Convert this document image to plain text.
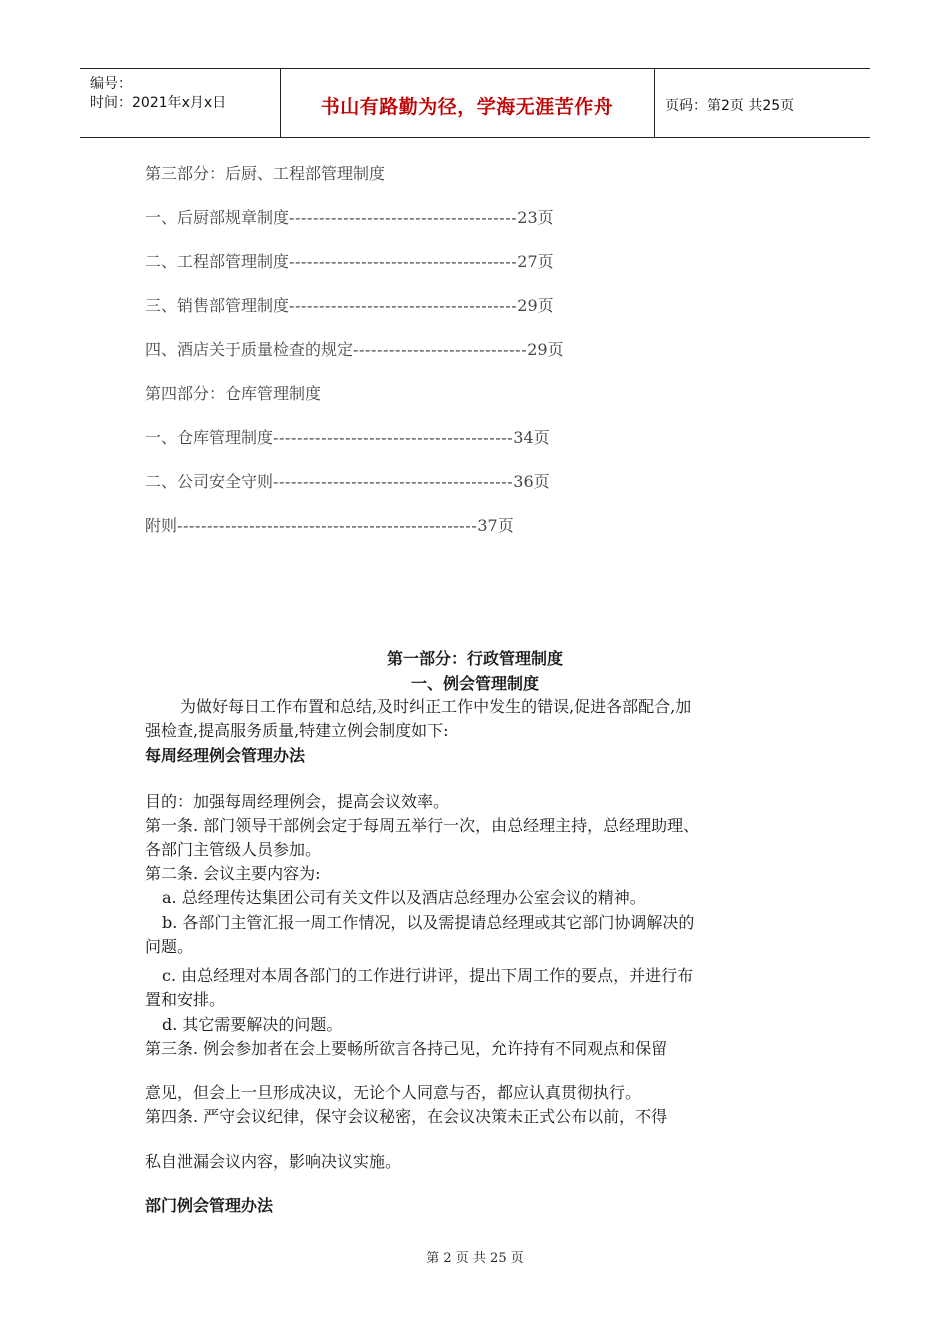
编号：
时间：2021年x月x日	书山有路勤为径，学海无涯苦作舟	页码：第2页 共25页
第三部分：后厨、工程部管理制度
一、后厨部规章制度--------------------------------------23页
二、工程部管理制度--------------------------------------27页
三、销售部管理制度--------------------------------------29页
四、酒店关于质量检查的规定-----------------------------29页
第四部分：仓库管理制度
一、仓库管理制度----------------------------------------34页
二、公司安全守则----------------------------------------36页
附则--------------------------------------------------37页
第一部分：行政管理制度
一、例会管理制度
为做好每日工作布置和总结,及时纠正工作中发生的错误,促进各部配合,加
强检查,提高服务质量,特建立例会制度如下:
每周经理例会管理办法
目的：加强每周经理例会，提高会议效率。
第一条. 部门领导干部例会定于每周五举行一次，由总经理主持，总经理助理、
各部门主管级人员参加。
第二条. 会议主要内容为:
a. 总经理传达集团公司有关文件以及酒店总经理办公室会议的精神。
b. 各部门主管汇报一周工作情况，以及需提请总经理或其它部门协调解决的
问题。
c. 由总经理对本周各部门的工作进行讲评，提出下周工作的要点，并进行布
置和安排。
d. 其它需要解决的问题。
第三条. 例会参加者在会上要畅所欲言各持己见，允许持有不同观点和保留
意见，但会上一旦形成决议，无论个人同意与否，都应认真贯彻执行。
第四条. 严守会议纪律，保守会议秘密，在会议决策未正式公布以前，不得
私自泄漏会议内容，影响决议实施。
部门例会管理办法
第 2 页 共 25 页
